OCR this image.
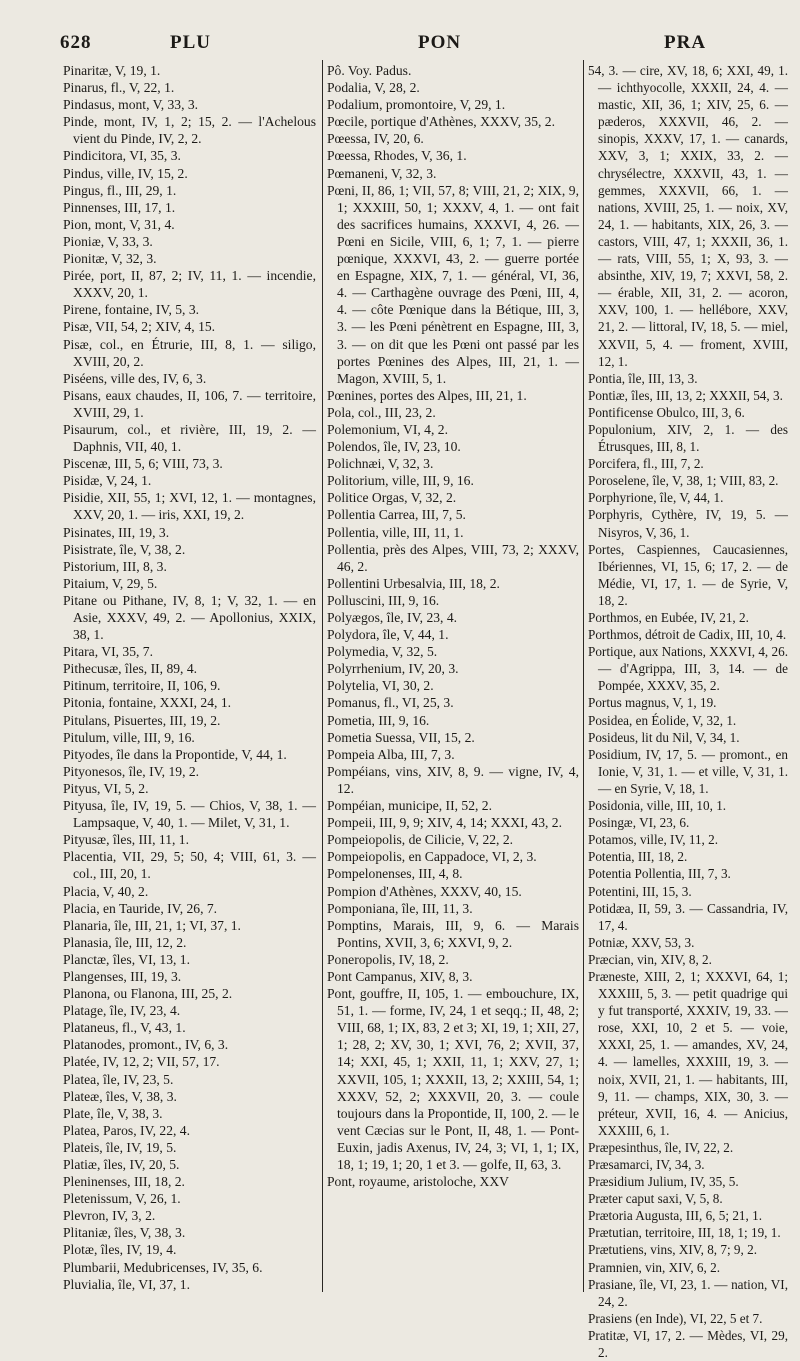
628	PLU	PON	PRA

Pinaritæ, V, 19, 1.

Pinarus, fl., V, 22, 1.

Pindasus, mont, V, 33, 3.

Pinde, mont, IV, 1, 2; 15, 2. — l'Achelous vient du Pinde, IV, 2, 2.

Pindicitora, VI, 35, 3.

Pindus, ville, IV, 15, 2.

Pingus, fl., III, 29, 1.

Pinnenses, III, 17, 1.

Pion, mont, V, 31, 4.

Pioniæ, V, 33, 3.

Pionitæ, V, 32, 3.

Pirée, port, II, 87, 2; IV, 11, 1. — incendie, XXXV, 20, 1.

Pirene, fontaine, IV, 5, 3.

Pisæ, VII, 54, 2; XIV, 4, 15.

Pisæ, col., en Étrurie, III, 8, 1. — siligo, XVIII, 20, 2.

Piséens, ville des, IV, 6, 3.

Pisans, eaux chaudes, II, 106, 7. — territoire, XVIII, 29, 1.

Pisaurum, col., et rivière, III, 19, 2. — Daphnis, VII, 40, 1.

Piscenæ, III, 5, 6; VIII, 73, 3.

Pisidæ, V, 24, 1.

Pisidie, XII, 55, 1; XVI, 12, 1. — montagnes, XXV, 20, 1. — iris, XXI, 19, 2.

Pisinates, III, 19, 3.

Pisistrate, île, V, 38, 2.

Pistorium, III, 8, 3.

Pitaium, V, 29, 5.

Pitane ou Pithane, IV, 8, 1; V, 32, 1. — en Asie, XXXV, 49, 2. — Apollonius, XXIX, 38, 1.

Pitara, VI, 35, 7.

Pithecusæ, îles, II, 89, 4.

Pitinum, territoire, II, 106, 9.

Pitonia, fontaine, XXXI, 24, 1.

Pitulans, Pisuertes, III, 19, 2.

Pitulum, ville, III, 9, 16.

Pityodes, île dans la Propontide, V, 44, 1.

Pityonesos, île, IV, 19, 2.

Pityus, VI, 5, 2.

Pityusa, île, IV, 19, 5. — Chios, V, 38, 1. — Lampsaque, V, 40, 1. — Milet, V, 31, 1.

Pityusæ, îles, III, 11, 1.

Placentia, VII, 29, 5; 50, 4; VIII, 61, 3. — col., III, 20, 1.

Placia, V, 40, 2.

Placia, en Tauride, IV, 26, 7.

Planaria, île, III, 21, 1; VI, 37, 1.

Planasia, île, III, 12, 2.

Planctæ, îles, VI, 13, 1.

Plangenses, III, 19, 3.

Planona, ou Flanona, III, 25, 2.

Platage, île, IV, 23, 4.

Plataneus, fl., V, 43, 1.

Platanodes, promont., IV, 6, 3.

Platée, IV, 12, 2; VII, 57, 17.

Platea, île, IV, 23, 5.

Plateæ, îles, V, 38, 3.

Plate, île, V, 38, 3.

Platea, Paros, IV, 22, 4.

Plateis, île, IV, 19, 5.

Platiæ, îles, IV, 20, 5.

Pleninenses, III, 18, 2.

Pletenissum, V, 26, 1.

Plevron, IV, 3, 2.

Plitaniæ, îles, V, 38, 3.

Plotæ, îles, IV, 19, 4.

Plumbarii, Medubricenses, IV, 35, 6.

Pluvialia, île, VI, 37, 1.

Pô. Voy. Padus.

Podalia, V, 28, 2.

Podalium, promontoire, V, 29, 1.

Pœcile, portique d'Athènes, XXXV, 35, 2.

Pœessa, IV, 20, 6.

Pœessa, Rhodes, V, 36, 1.

Pœmaneni, V, 32, 3.

Pœni, II, 86, 1; VII, 57, 8; VIII, 21, 2; XIX, 9, 1; XXXIII, 50, 1; XXXV, 4, 1. — ont fait des sacrifices humains, XXXVI, 4, 26. — Pœni en Sicile, VIII, 6, 1; 7, 1. — pierre pœnique, XXXVI, 43, 2. — guerre portée en Espagne, XIX, 7, 1. — général, VI, 36, 4. — Carthagène ouvrage des Pœni, III, 4, 4. — côte Pœnique dans la Bétique, III, 3, 3. — les Pœni pénètrent en Espagne, III, 3, 3. — on dit que les Pœni ont passé par les portes Pœnines des Alpes, III, 21, 1. — Magon, XVIII, 5, 1.

Pœnines, portes des Alpes, III, 21, 1.

Pola, col., III, 23, 2.

Polemonium, VI, 4, 2.

Polendos, île, IV, 23, 10.

Polichnæi, V, 32, 3.

Politorium, ville, III, 9, 16.

Politice Orgas, V, 32, 2.

Pollentia Carrea, III, 7, 5.

Pollentia, ville, III, 11, 1.

Pollentia, près des Alpes, VIII, 73, 2; XXXV, 46, 2.

Pollentini Urbesalvia, III, 18, 2.

Polluscini, III, 9, 16.

Polyægos, île, IV, 23, 4.

Polydora, île, V, 44, 1.

Polymedia, V, 32, 5.

Polyrrhenium, IV, 20, 3.

Polytelia, VI, 30, 2.

Pomanus, fl., VI, 25, 3.

Pometia, III, 9, 16.

Pometia Suessa, VII, 15, 2.

Pompeia Alba, III, 7, 3.

Pompéians, vins, XIV, 8, 9. — vigne, IV, 4, 12.

Pompéian, municipe, II, 52, 2.

Pompeii, III, 9, 9; XIV, 4, 14; XXXI, 43, 2.

Pompeiopolis, de Cilicie, V, 22, 2.

Pompeiopolis, en Cappadoce, VI, 2, 3.

Pompelonenses, III, 4, 8.

Pompion d'Athènes, XXXV, 40, 15.

Pomponiana, île, III, 11, 3.

Pomptins, Marais, III, 9, 6. — Marais Pontins, XVII, 3, 6; XXVI, 9, 2.

Poneropolis, IV, 18, 2.

Pont Campanus, XIV, 8, 3.

Pont, gouffre, II, 105, 1. — embouchure, IX, 51, 1. — forme, IV, 24, 1 et seqq.; II, 48, 2; VIII, 68, 1; IX, 83, 2 et 3; XI, 19, 1; XII, 27, 1; 28, 2; XV, 30, 1; XVI, 76, 2; XVII, 37, 14; XXI, 45, 1; XXII, 11, 1; XXV, 27, 1; XXVII, 105, 1; XXXII, 13, 2; XXIII, 54, 1; XXXV, 52, 2; XXXVII, 20, 3. — coule toujours dans la Propontide, II, 100, 2. — le vent Cæcias sur le Pont, II, 48, 1. — Pont-Euxin, jadis Axenus, IV, 24, 3; VI, 1, 1; IX, 18, 1; 19, 1; 20, 1 et 3. — golfe, II, 63, 3.

Pont, royaume, aristoloche, XXV

54, 3. — cire, XV, 18, 6; XXI, 49, 1. — ichthyocolle, XXXII, 24, 4. — mastic, XII, 36, 1; XIV, 25, 6. — pæderos, XXXVII, 46, 2. — sinopis, XXXV, 17, 1. — canards, XXV, 3, 1; XXIX, 33, 2. — chrysélectre, XXXVII, 43, 1. — gemmes, XXXVII, 66, 1. — nations, XVIII, 25, 1. — noix, XV, 24, 1. — habitants, XIX, 26, 3. — castors, VIII, 47, 1; XXXII, 36, 1. — rats, VIII, 55, 1; X, 93, 3. — absinthe, XIV, 19, 7; XXVI, 58, 2. — érable, XII, 31, 2. — acoron, XXV, 100, 1. — hellébore, XXV, 21, 2. — littoral, IV, 18, 5. — miel, XXVII, 5, 4. — froment, XVIII, 12, 1.

Pontia, île, III, 13, 3.

Pontiæ, îles, III, 13, 2; XXXII, 54, 3.

Pontificense Obulco, III, 3, 6.

Populonium, XIV, 2, 1. — des Étrusques, III, 8, 1.

Porcifera, fl., III, 7, 2.

Poroselene, île, V, 38, 1; VIII, 83, 2.

Porphyrione, île, V, 44, 1.

Porphyris, Cythère, IV, 19, 5. — Nisyros, V, 36, 1.

Portes, Caspiennes, Caucasiennes, Ibériennes, VI, 15, 6; 17, 2. — de Médie, VI, 17, 1. — de Syrie, V, 18, 2.

Porthmos, en Eubée, IV, 21, 2.

Porthmos, détroit de Cadix, III, 10, 4.

Portique, aux Nations, XXXVI, 4, 26. — d'Agrippa, III, 3, 14. — de Pompée, XXXV, 35, 2.

Portus magnus, V, 1, 19.

Posidea, en Éolide, V, 32, 1.

Posideus, lit du Nil, V, 34, 1.

Posidium, IV, 17, 5. — promont., en Ionie, V, 31, 1. — et ville, V, 31, 1. — en Syrie, V, 18, 1.

Posidonia, ville, III, 10, 1.

Posingæ, VI, 23, 6.

Potamos, ville, IV, 11, 2.

Potentia, III, 18, 2.

Potentia Pollentia, III, 7, 3.

Potentini, III, 15, 3.

Potidæa, II, 59, 3. — Cassandria, IV, 17, 4.

Potniæ, XXV, 53, 3.

Præcian, vin, XIV, 8, 2.

Præneste, XIII, 2, 1; XXXVI, 64, 1; XXXIII, 5, 3. — petit quadrige qui y fut transporté, XXXIV, 19, 33. — rose, XXI, 10, 2 et 5. — voie, XXXI, 25, 1. — amandes, XV, 24, 4. — lamelles, XXXIII, 19, 3. — noix, XVII, 21, 1. — habitants, III, 9, 11. — champs, XIX, 30, 3. — préteur, XVII, 16, 4. — Anicius, XXXIII, 6, 1.

Præpesinthus, île, IV, 22, 2.

Præsamarci, IV, 34, 3.

Præsidium Julium, IV, 35, 5.

Præter caput saxi, V, 5, 8.

Prætoria Augusta, III, 6, 5; 21, 1.

Prætutian, territoire, III, 18, 1; 19, 1.

Prætutiens, vins, XIV, 8, 7; 9, 2.

Pramnien, vin, XIV, 6, 2.

Prasiane, île, VI, 23, 1. — nation, VI, 24, 2.

Prasiens (en Inde), VI, 22, 5 et 7.

Pratitæ, VI, 17, 2. — Mèdes, VI, 29, 2.
